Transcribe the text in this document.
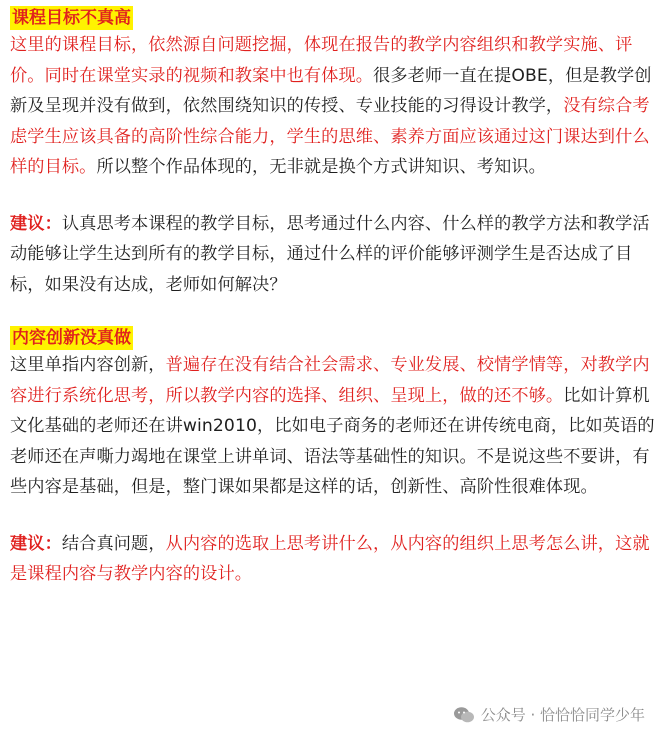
课程目标不真高

这里的课程目标，依然源自问题挖掘，体现在报告的教学内容组织和教学实施、评价。同时在课堂实录的视频和教案中也有体现。很多老师一直在提OBE，但是教学创新及呈现并没有做到，依然围绕知识的传授、专业技能的习得设计教学，没有综合考虑学生应该具备的高阶性综合能力，学生的思维、素养方面应该通过这门课达到什么样的目标。所以整个作品体现的，无非就是换个方式讲知识、考知识。

建议：认真思考本课程的教学目标，思考通过什么内容、什么样的教学方法和教学活动能够让学生达到所有的教学目标，通过什么样的评价能够评测学生是否达成了目标，如果没有达成，老师如何解决？

内容创新没真做

这里单指内容创新，普遍存在没有结合社会需求、专业发展、校情学情等，对教学内容进行系统化思考，所以教学内容的选择、组织、呈现上，做的还不够。比如计算机文化基础的老师还在讲win2010，比如电子商务的老师还在讲传统电商，比如英语的老师还在声嘶力竭地在课堂上讲单词、语法等基础性的知识。不是说这些不要讲，有些内容是基础，但是，整门课如果都是这样的话，创新性、高阶性很难体现。

建议：结合真问题，从内容的选取上思考讲什么，从内容的组织上思考怎么讲，这就是课程内容与教学内容的设计。

公众号 · 恰恰恰同学少年
